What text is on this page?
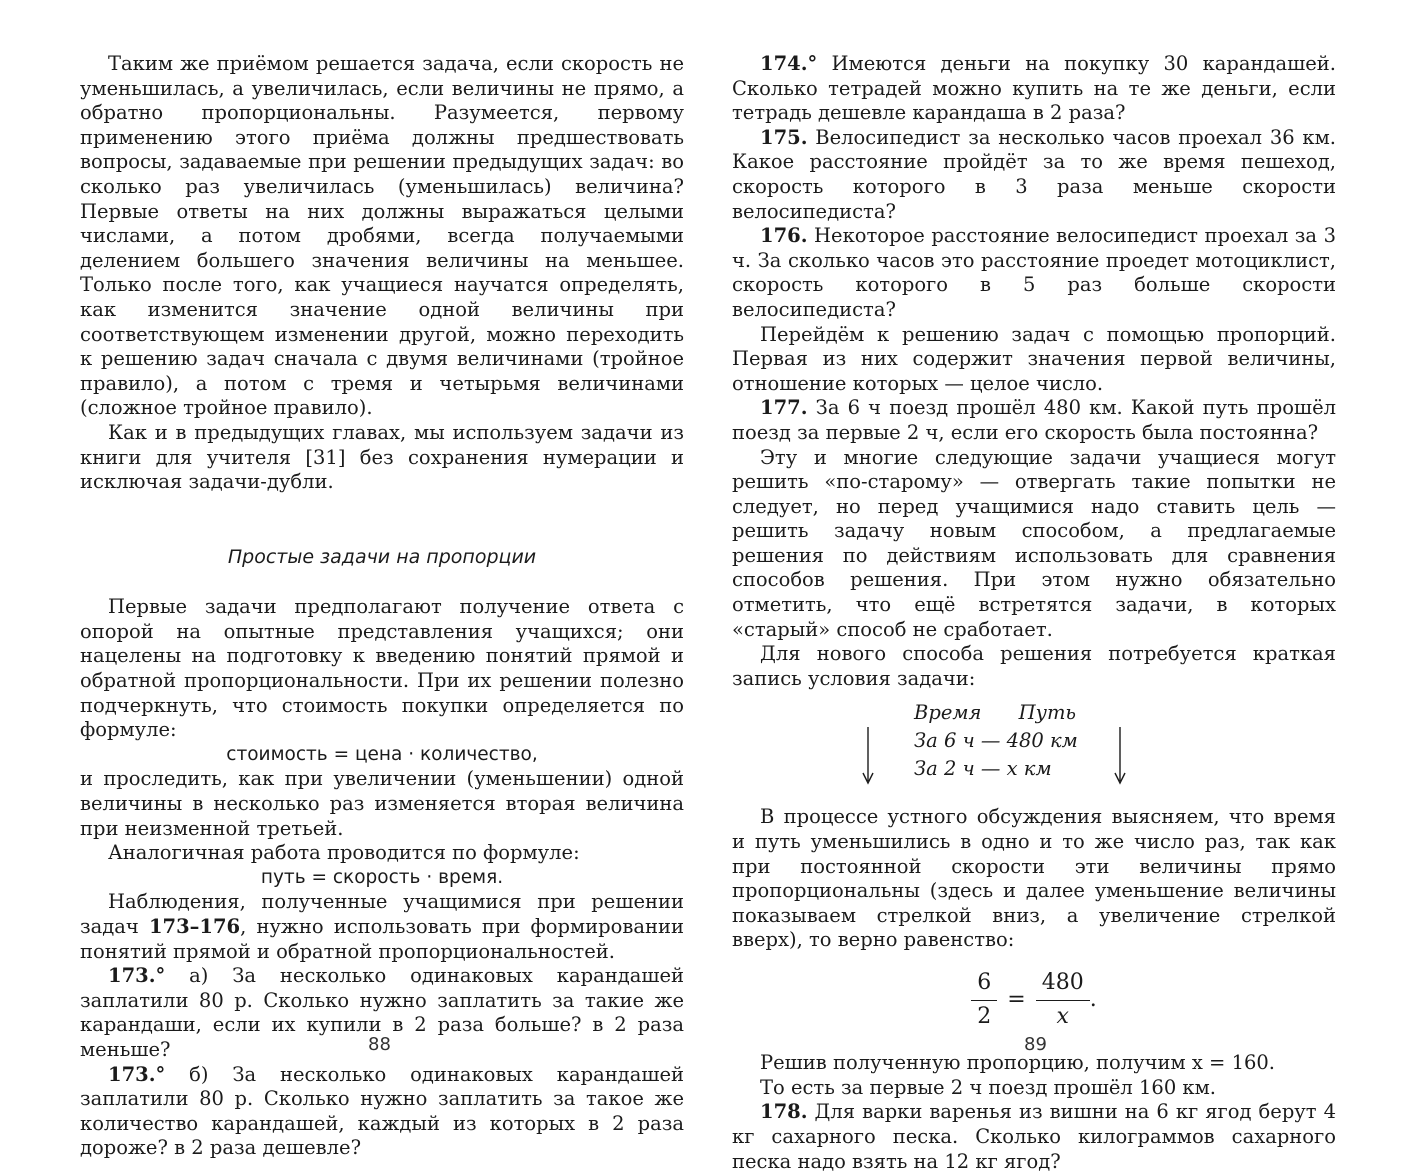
Таким же приёмом решается задача, если скорость не уменьшилась, а увеличилась, если величины не прямо, а обратно пропорциональны. Разумеется, первому применению этого приёма должны предшествовать вопросы, задаваемые при решении предыдущих задач: во сколько раз увеличилась (уменьшилась) величина? Первые ответы на них должны выражаться целыми числами, а потом дробями, всегда получаемыми делением большего значения величины на меньшее. Только после того, как учащиеся научатся определять, как изменится значение одной величины при соответствующем изменении другой, можно переходить к решению задач сначала с двумя величинами (тройное правило), а потом с тремя и четырьмя величинами (сложное тройное правило).

Как и в предыдущих главах, мы используем задачи из книги для учителя [31] без сохранения нумерации и исключая задачи-дубли.

Простые задачи на пропорции

Первые задачи предполагают получение ответа с опорой на опытные представления учащихся; они нацелены на подготовку к введению понятий прямой и обратной пропорциональности. При их решении полезно подчеркнуть, что стоимость покупки определяется по формуле:

стоимость = цена · количество,

и проследить, как при увеличении (уменьшении) одной величины в несколько раз изменяется вторая величина при неизменной третьей.

Аналогичная работа проводится по формуле:

путь = скорость · время.

Наблюдения, полученные учащимися при решении задач 173–176, нужно использовать при формировании понятий прямой и обратной пропорциональностей.

173.° а) За несколько одинаковых карандашей заплатили 80 р. Сколько нужно заплатить за такие же карандаши, если их купили в 2 раза больше? в 2 раза меньше?

173.° б) За несколько одинаковых карандашей заплатили 80 р. Сколько нужно заплатить за такое же количество карандашей, каждый из которых в 2 раза дороже? в 2 раза дешевле?

88

174.° Имеются деньги на покупку 30 карандашей. Сколько тетрадей можно купить на те же деньги, если тетрадь дешевле карандаша в 2 раза?

175. Велосипедист за несколько часов проехал 36 км. Какое расстояние пройдёт за то же время пешеход, скорость которого в 3 раза меньше скорости велосипедиста?

176. Некоторое расстояние велосипедист проехал за 3 ч. За сколько часов это расстояние проедет мотоциклист, скорость которого в 5 раз больше скорости велосипедиста?

Перейдём к решению задач с помощью пропорций. Первая из них содержит значения первой величины, отношение которых — целое число.

177. За 6 ч поезд прошёл 480 км. Какой путь прошёл поезд за первые 2 ч, если его скорость была постоянна?

Эту и многие следующие задачи учащиеся могут решить «по-старому» — отвергать такие попытки не следует, но перед учащимися надо ставить цель — решить задачу новым способом, а предлагаемые решения по действиям использовать для сравнения способов решения. При этом нужно обязательно отметить, что ещё встретятся задачи, в которых «старый» способ не сработает.

Для нового способа решения потребуется краткая запись условия задачи:

Время      Путь
За 6 ч — 480 км
За 2 ч — x км

В процессе устного обсуждения выясняем, что время и путь уменьшились в одно и то же число раз, так как при постоянной скорости эти величины прямо пропорциональны (здесь и далее уменьшение величины показываем стрелкой вниз, а увеличение стрелкой вверх), то верно равенство:

$\frac{6}{2} = \frac{480}{x}$ .

Решив полученную пропорцию, получим x = 160.

То есть за первые 2 ч поезд прошёл 160 км.

178. Для варки варенья из вишни на 6 кг ягод берут 4 кг сахарного песка. Сколько килограммов сахарного песка надо взять на 12 кг ягод?

89
